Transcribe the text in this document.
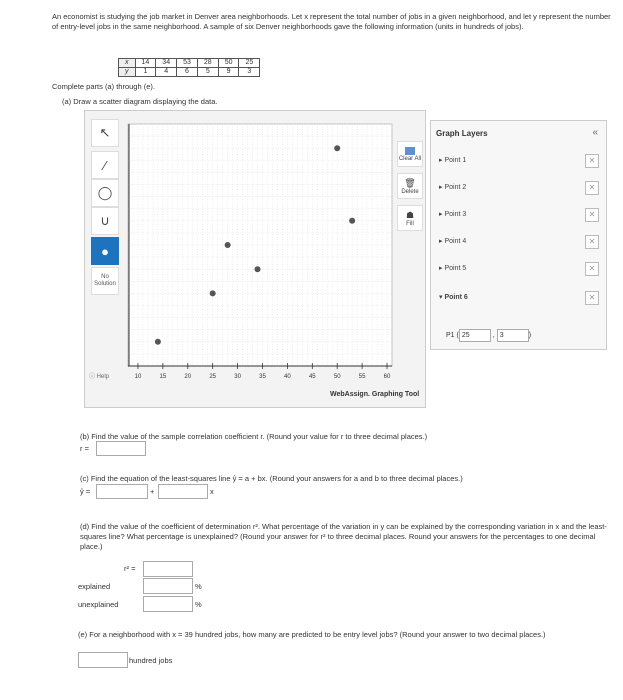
An economist is studying the job market in Denver area neighborhoods. Let x represent the total number of jobs in a given neighborhood, and let y represent the number of entry-level jobs in the same neighborhood. A sample of six Denver neighborhoods gave the following information (units in hundreds of jobs).
x	14	34	53	28	50	25
y	1	4	6	5	9	3
Complete parts (a) through (e).
(a) Draw a scatter diagram displaying the data.
↖
∕
◯
∪
●
No Solution
ⓘ Help	10	15	20	25	30	35	40	45	50	55	60
Clear All
🗑
Delete
☗
Fill
WebAssign. Graphing Tool
Graph Layers	«
▸ Point 1	✕
▸ Point 2	✕
▸ Point 3	✕
▸ Point 4	✕
▸ Point 5	✕
▾ Point 6	✕
P1 ( 25	, 3	)
(b) Find the value of the sample correlation coefficient r. (Round your value for r to three decimal places.)
r =
(c) Find the equation of the least-squares line ŷ = a + bx. (Round your answers for a and b to three decimal places.)
ŷ =	+	x
(d) Find the value of the coefficient of determination r². What percentage of the variation in y can be explained by the corresponding variation in x and the least-squares line? What percentage is unexplained? (Round your answer for r² to three decimal places. Round your answers for the percentages to one decimal place.)
r² =
explained	%
unexplained	%
(e) For a neighborhood with x = 39 hundred jobs, how many are predicted to be entry level jobs? (Round your answer to two decimal places.)
hundred jobs
